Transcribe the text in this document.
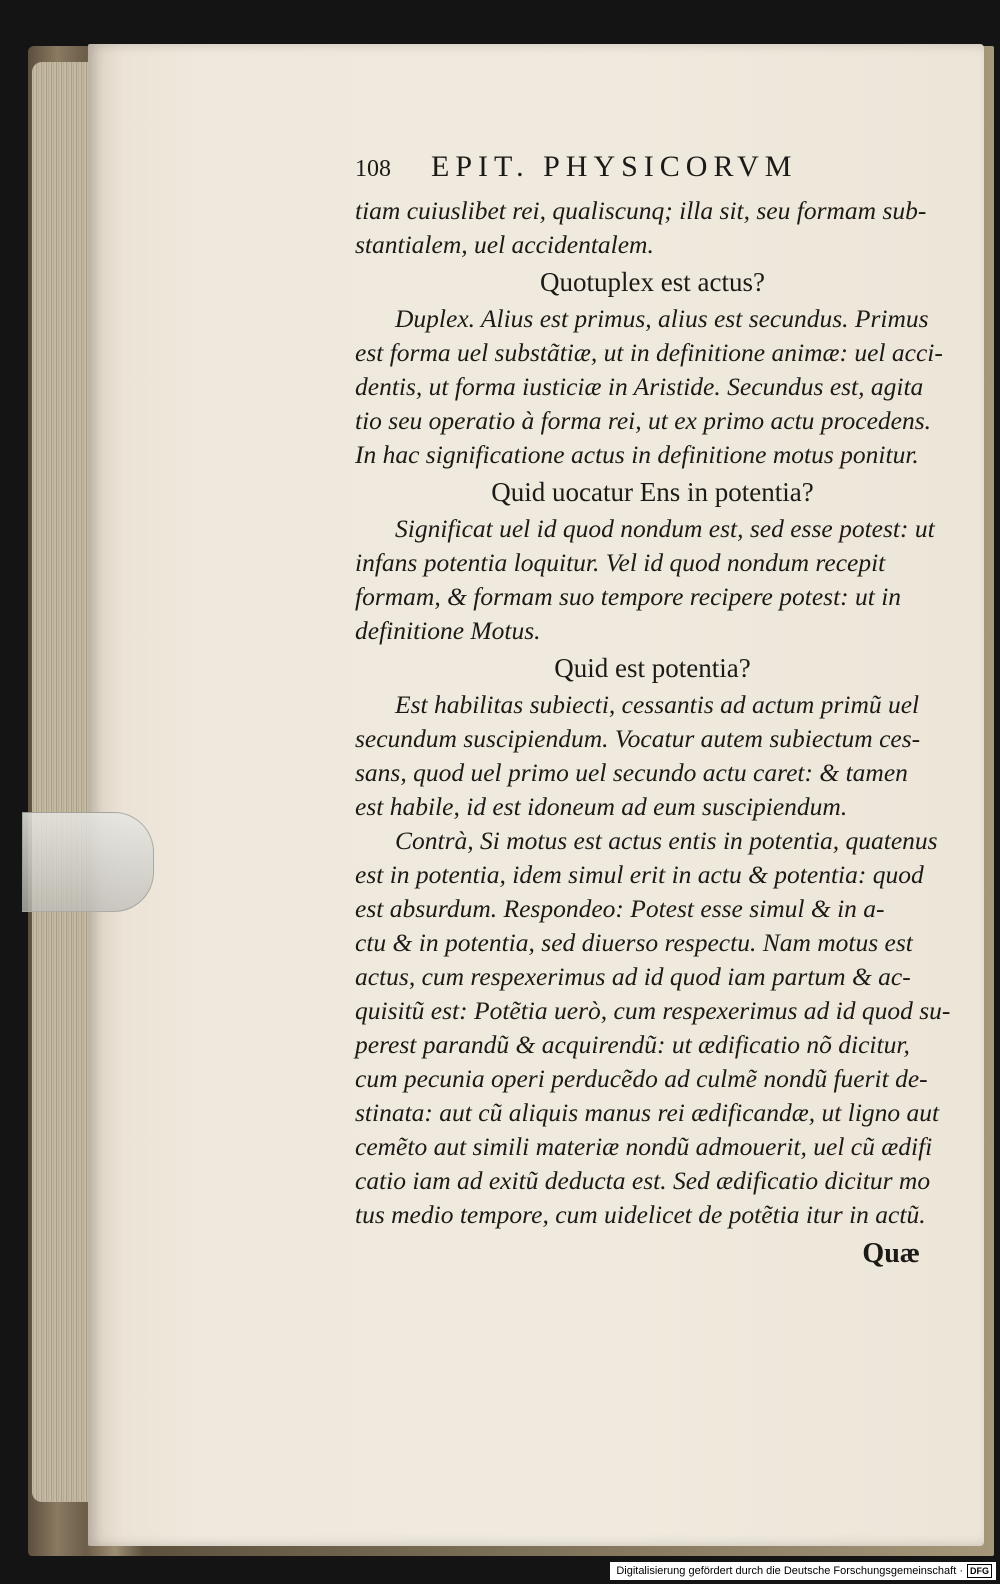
108 EPIT. PHYSICORVM
tiam cuiuslibet rei, qualiscunq; illa sit, seu formam sub-
stantialem, uel accidentalem.
Quotuplex est actus?
Duplex. Alius est primus, alius est secundus. Primus
est forma uel substãtiæ, ut in definitione animæ: uel acci-
dentis, ut forma iusticiæ in Aristide. Secundus est, agita
tio seu operatio à forma rei, ut ex primo actu procedens.
In hac significatione actus in definitione motus ponitur.
Quid uocatur Ens in potentia?
Significat uel id quod nondum est, sed esse potest: ut
infans potentia loquitur. Vel id quod nondum recepit
formam, & formam suo tempore recipere potest: ut in
definitione Motus.
Quid est potentia?
Est habilitas subiecti, cessantis ad actum primũ uel
secundum suscipiendum. Vocatur autem subiectum ces-
sans, quod uel primo uel secundo actu caret: & tamen
est habile, id est idoneum ad eum suscipiendum.
Contrà, Si motus est actus entis in potentia, quatenus
est in potentia, idem simul erit in actu & potentia: quod
est absurdum. Respondeo: Potest esse simul & in a-
ctu & in potentia, sed diuerso respectu. Nam motus est
actus, cum respexerimus ad id quod iam partum & ac-
quisitũ est: Potẽtia uerò, cum respexerimus ad id quod su-
perest parandũ & acquirendũ: ut ædificatio nõ dicitur,
cum pecunia operi perducẽdo ad culmẽ nondũ fuerit de-
stinata: aut cũ aliquis manus rei ædificandæ, ut ligno aut
cemẽto aut simili materiæ nondũ admouerit, uel cũ ædifi
catio iam ad exitũ deducta est. Sed ædificatio dicitur mo
tus medio tempore, cum uidelicet de potẽtia itur in actũ.
Quæ
Digitalisierung gefördert durch die Deutsche Forschungsgemeinschaft · DFG
